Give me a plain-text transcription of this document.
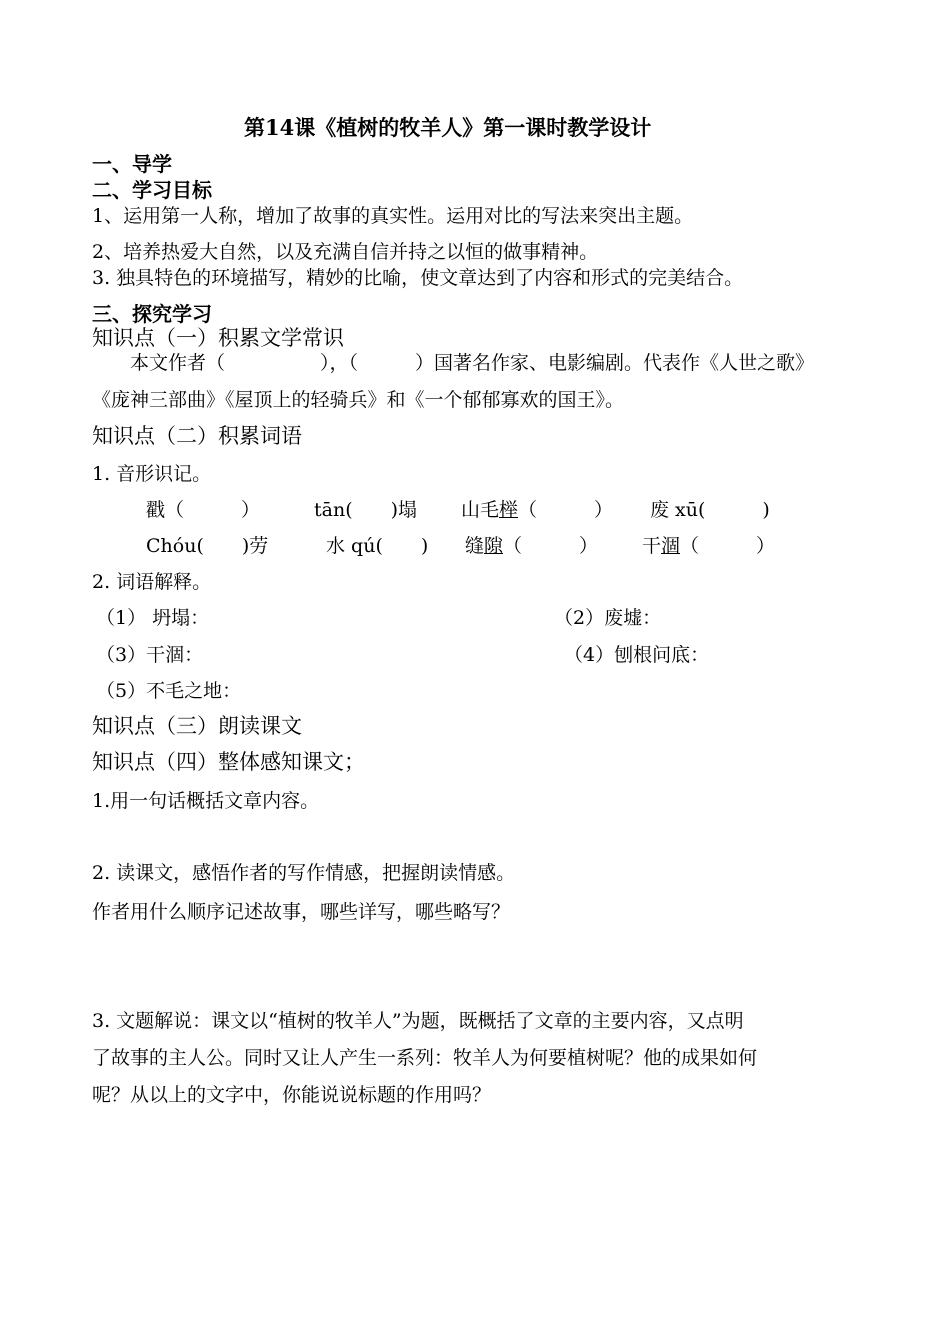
第14课《植树的牧羊人》第一课时教学设计
一、导学
二、学习目标
1、运用第一人称，增加了故事的真实性。运用对比的写法来突出主题。
2、培养热爱大自然，以及充满自信并持之以恒的做事精神。
3. 独具特色的环境描写，精妙的比喻，使文章达到了内容和形式的完美结合。
三、探究学习
知识点（一）积累文学常识
本文作者（　　　　　），（　　　）国著名作家、电影编剧。代表作《人世之歌》
《庞神三部曲》《屋顶上的轻骑兵》和《一个郁郁寡欢的国王》。
知识点（二）积累词语
1. 音形识记。
戳（　　　）	tān(　　)塌 山毛榉（　　　） 废 xū(　　　)
Chóu(　　)劳	水 qú(　　) 缝隙（　　　） 干涸（　　　）
2. 词语解释。
（1） 坍塌：	（2）废墟：
（3）干涸：	（4）刨根问底：
（5）不毛之地：
知识点（三）朗读课文
知识点（四）整体感知课文；
1.用一句话概括文章内容。
2. 读课文，感悟作者的写作情感，把握朗读情感。
作者用什么顺序记述故事，哪些详写，哪些略写？
3. 文题解说：课文以“植树的牧羊人”为题，既概括了文章的主要内容，又点明
了故事的主人公。同时又让人产生一系列：牧羊人为何要植树呢？他的成果如何
呢？从以上的文字中，你能说说标题的作用吗？
